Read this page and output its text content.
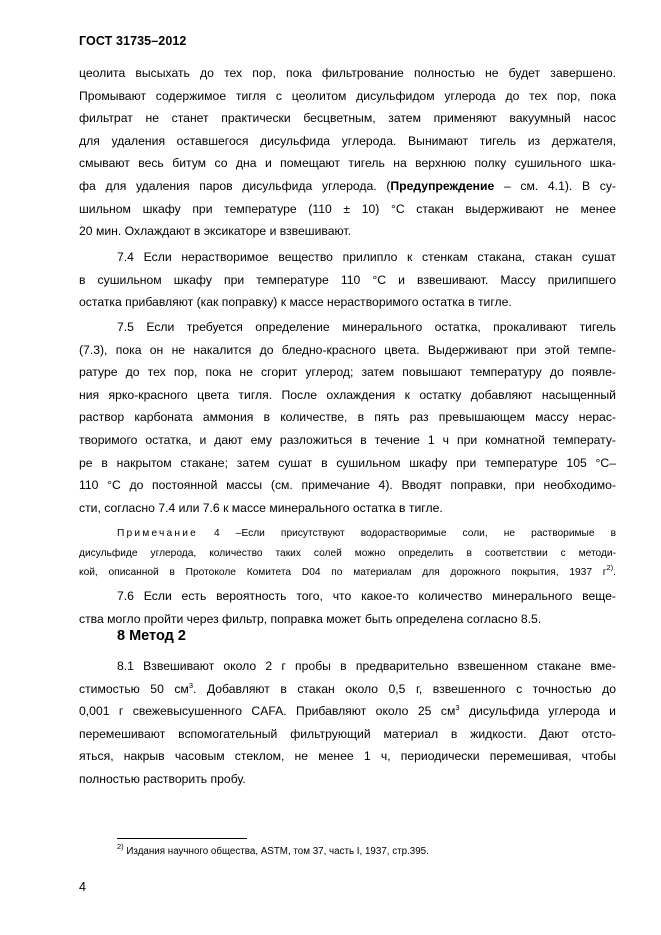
ГОСТ 31735–2012
цеолита высыхать до тех пор, пока фильтрование полностью не будет завершено.
Промывают содержимое тигля с цеолитом дисульфидом углерода до тех пор, пока
фильтрат не станет практически бесцветным, затем применяют вакуумный насос
для удаления оставшегося дисульфида углерода. Вынимают тигель из держателя,
смывают весь битум со дна и помещают тигель на верхнюю полку сушильного шка-
фа для удаления паров дисульфида углерода. (Предупреждение – см. 4.1). В су-
шильном шкафу при температуре (110 ± 10) °С стакан выдерживают не менее
20 мин. Охлаждают в эксикаторе и взвешивают.
7.4 Если нерастворимое вещество прилипло к стенкам стакана, стакан сушат
в сушильном шкафу при температуре 110 °С и взвешивают. Массу прилипшего
остатка прибавляют (как поправку) к массе нерастворимого остатка в тигле.
7.5 Если требуется определение минерального остатка, прокаливают тигель
(7.3), пока он не накалится до бледно-красного цвета. Выдерживают при этой темпе-
ратуре до тех пор, пока не сгорит углерод; затем повышают температуру до появле-
ния ярко-красного цвета тигля. После охлаждения к остатку добавляют насыщенный
раствор карбоната аммония в количестве, в пять раз превышающем массу нерас-
творимого остатка, и дают ему разложиться в течение 1 ч при комнатной температу-
ре в накрытом стакане; затем сушат в сушильном шкафу при температуре 105 °С–
110 °С до постоянной массы (см. примечание 4). Вводят поправки, при необходимо-
сти, согласно 7.4 или 7.6 к массе минерального остатка в тигле.
Примечание 4 –Если присутствуют водорастворимые соли, не растворимые в
дисульфиде углерода, количество таких солей можно определить в соответствии с методи-
кой, описанной в Протоколе Комитета D04 по материалам для дорожного покрытия, 1937 $г^{2)}$.
7.6 Если есть вероятность того, что какое-то количество минерального веще-
ства могло пройти через фильтр, поправка может быть определена согласно 8.5.
8 Метод 2
8.1 Взвешивают около 2 г пробы в предварительно взвешенном стакане вме-
стимостью 50 $см^3$. Добавляют в стакан около 0,5 г, взвешенного с точностью до
0,001 г свежевысушенного CAFA. Прибавляют около 25 $см^3$ дисульфида углерода и
перемешивают вспомогательный фильтрующий материал в жидкости. Дают отсто-
яться, накрыв часовым стеклом, не менее 1 ч, периодически перемешивая, чтобы
полностью растворить пробу.
$^{2)}$ Издания научного общества, ASTM, том 37, часть I, 1937, стр.395.
4
